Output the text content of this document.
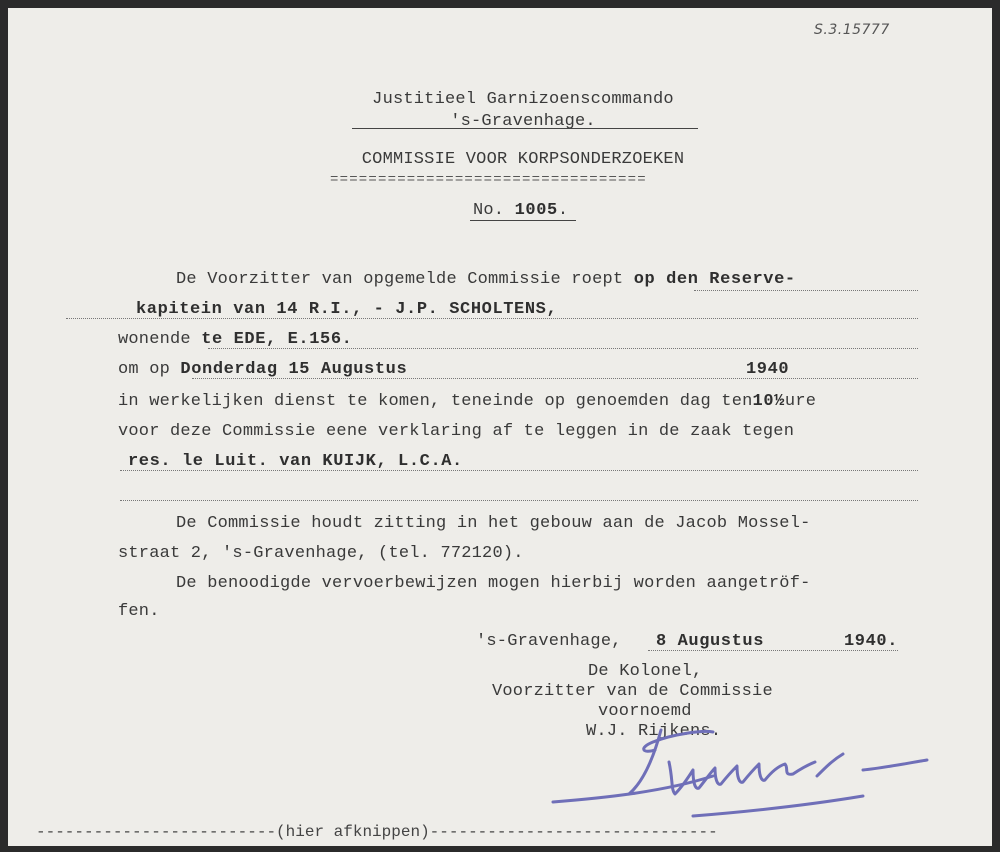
S.3.15777
Justitieel Garnizoenscommando
's-Gravenhage.
COMMISSIE VOOR KORPSONDERZOEKEN
=================================
No. 1005.
De Voorzitter van opgemelde Commissie roept op den Reserve-
kapitein van 14 R.I., - J.P. SCHOLTENS,
wonende te EDE, E.156.
om op Donderdag 15 Augustus	1940
in werkelijken dienst te komen, teneinde op genoemden dag ten10½ure
voor deze Commissie eene verklaring af te leggen in de zaak tegen
res. le Luit. van KUIJK, L.C.A.
De Commissie houdt zitting in het gebouw aan de Jacob Mossel-
straat 2, 's-Gravenhage, (tel. 772120).
De benoodigde vervoerbewijzen mogen hierbij worden aangetröf-
fen.
's-Gravenhage, 8 Augustus	1940.
De Kolonel,
Voorzitter van de Commissie
voornoemd
W.J. Rijkens.
-------------------------(hier afknippen)------------------------------
